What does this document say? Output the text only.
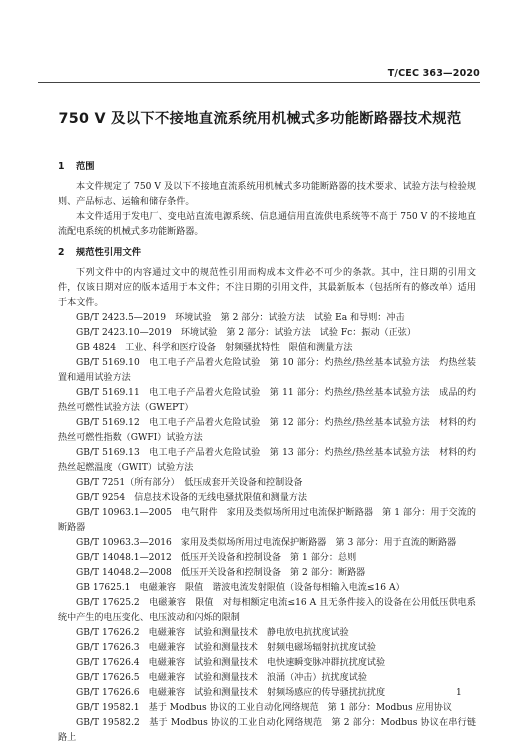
T/CEC 363—2020
750 V 及以下不接地直流系统用机械式多功能断路器技术规范
1 范围

本文件规定了 750 V 及以下不接地直流系统用机械式多功能断路器的技术要求、试验方法与检验规则、产品标志、运输和储存条件。

本文件适用于发电厂、变电站直流电源系统、信息通信用直流供电系统等不高于 750 V 的不接地直流配电系统的机械式多功能断路器。

2 规范性引用文件

下列文件中的内容通过文中的规范性引用而构成本文件必不可少的条款。其中，注日期的引用文件，仅该日期对应的版本适用于本文件；不注日期的引用文件，其最新版本（包括所有的修改单）适用于本文件。

GB/T 2423.5—2019　环境试验　第 2 部分：试验方法　试验 Ea 和导则：冲击

GB/T 2423.10—2019　环境试验　第 2 部分：试验方法　试验 Fc：振动（正弦）

GB 4824　工业、科学和医疗设备　射频骚扰特性　限值和测量方法

GB/T 5169.10　电工电子产品着火危险试验　第 10 部分：灼热丝/热丝基本试验方法　灼热丝装置和通用试验方法

GB/T 5169.11　电工电子产品着火危险试验　第 11 部分：灼热丝/热丝基本试验方法　成品的灼热丝可燃性试验方法（GWEPT）

GB/T 5169.12　电工电子产品着火危险试验　第 12 部分：灼热丝/热丝基本试验方法　材料的灼热丝可燃性指数（GWFI）试验方法

GB/T 5169.13　电工电子产品着火危险试验　第 13 部分：灼热丝/热丝基本试验方法　材料的灼热丝起燃温度（GWIT）试验方法

GB/T 7251（所有部分）　低压成套开关设备和控制设备

GB/T 9254　信息技术设备的无线电骚扰限值和测量方法

GB/T 10963.1—2005　电气附件　家用及类似场所用过电流保护断路器　第 1 部分：用于交流的断路器

GB/T 10963.3—2016　家用及类似场所用过电流保护断路器　第 3 部分：用于直流的断路器

GB/T 14048.1—2012　低压开关设备和控制设备　第 1 部分：总则

GB/T 14048.2—2008　低压开关设备和控制设备　第 2 部分：断路器

GB 17625.1　电磁兼容　限值　谐波电流发射限值（设备每相输入电流≤16 A）

GB/T 17625.2　电磁兼容　限值　对每相额定电流≤16 A 且无条件接入的设备在公用低压供电系统中产生的电压变化、电压波动和闪烁的限制

GB/T 17626.2　电磁兼容　试验和测量技术　静电放电抗扰度试验

GB/T 17626.3　电磁兼容　试验和测量技术　射频电磁场辐射抗扰度试验

GB/T 17626.4　电磁兼容　试验和测量技术　电快速瞬变脉冲群抗扰度试验

GB/T 17626.5　电磁兼容　试验和测量技术　浪涌（冲击）抗扰度试验

GB/T 17626.6　电磁兼容　试验和测量技术　射频场感应的传导骚扰抗扰度

GB/T 19582.1　基于 Modbus 协议的工业自动化网络规范　第 1 部分：Modbus 应用协议

GB/T 19582.2　基于 Modbus 协议的工业自动化网络规范　第 2 部分：Modbus 协议在串行链路上

1
